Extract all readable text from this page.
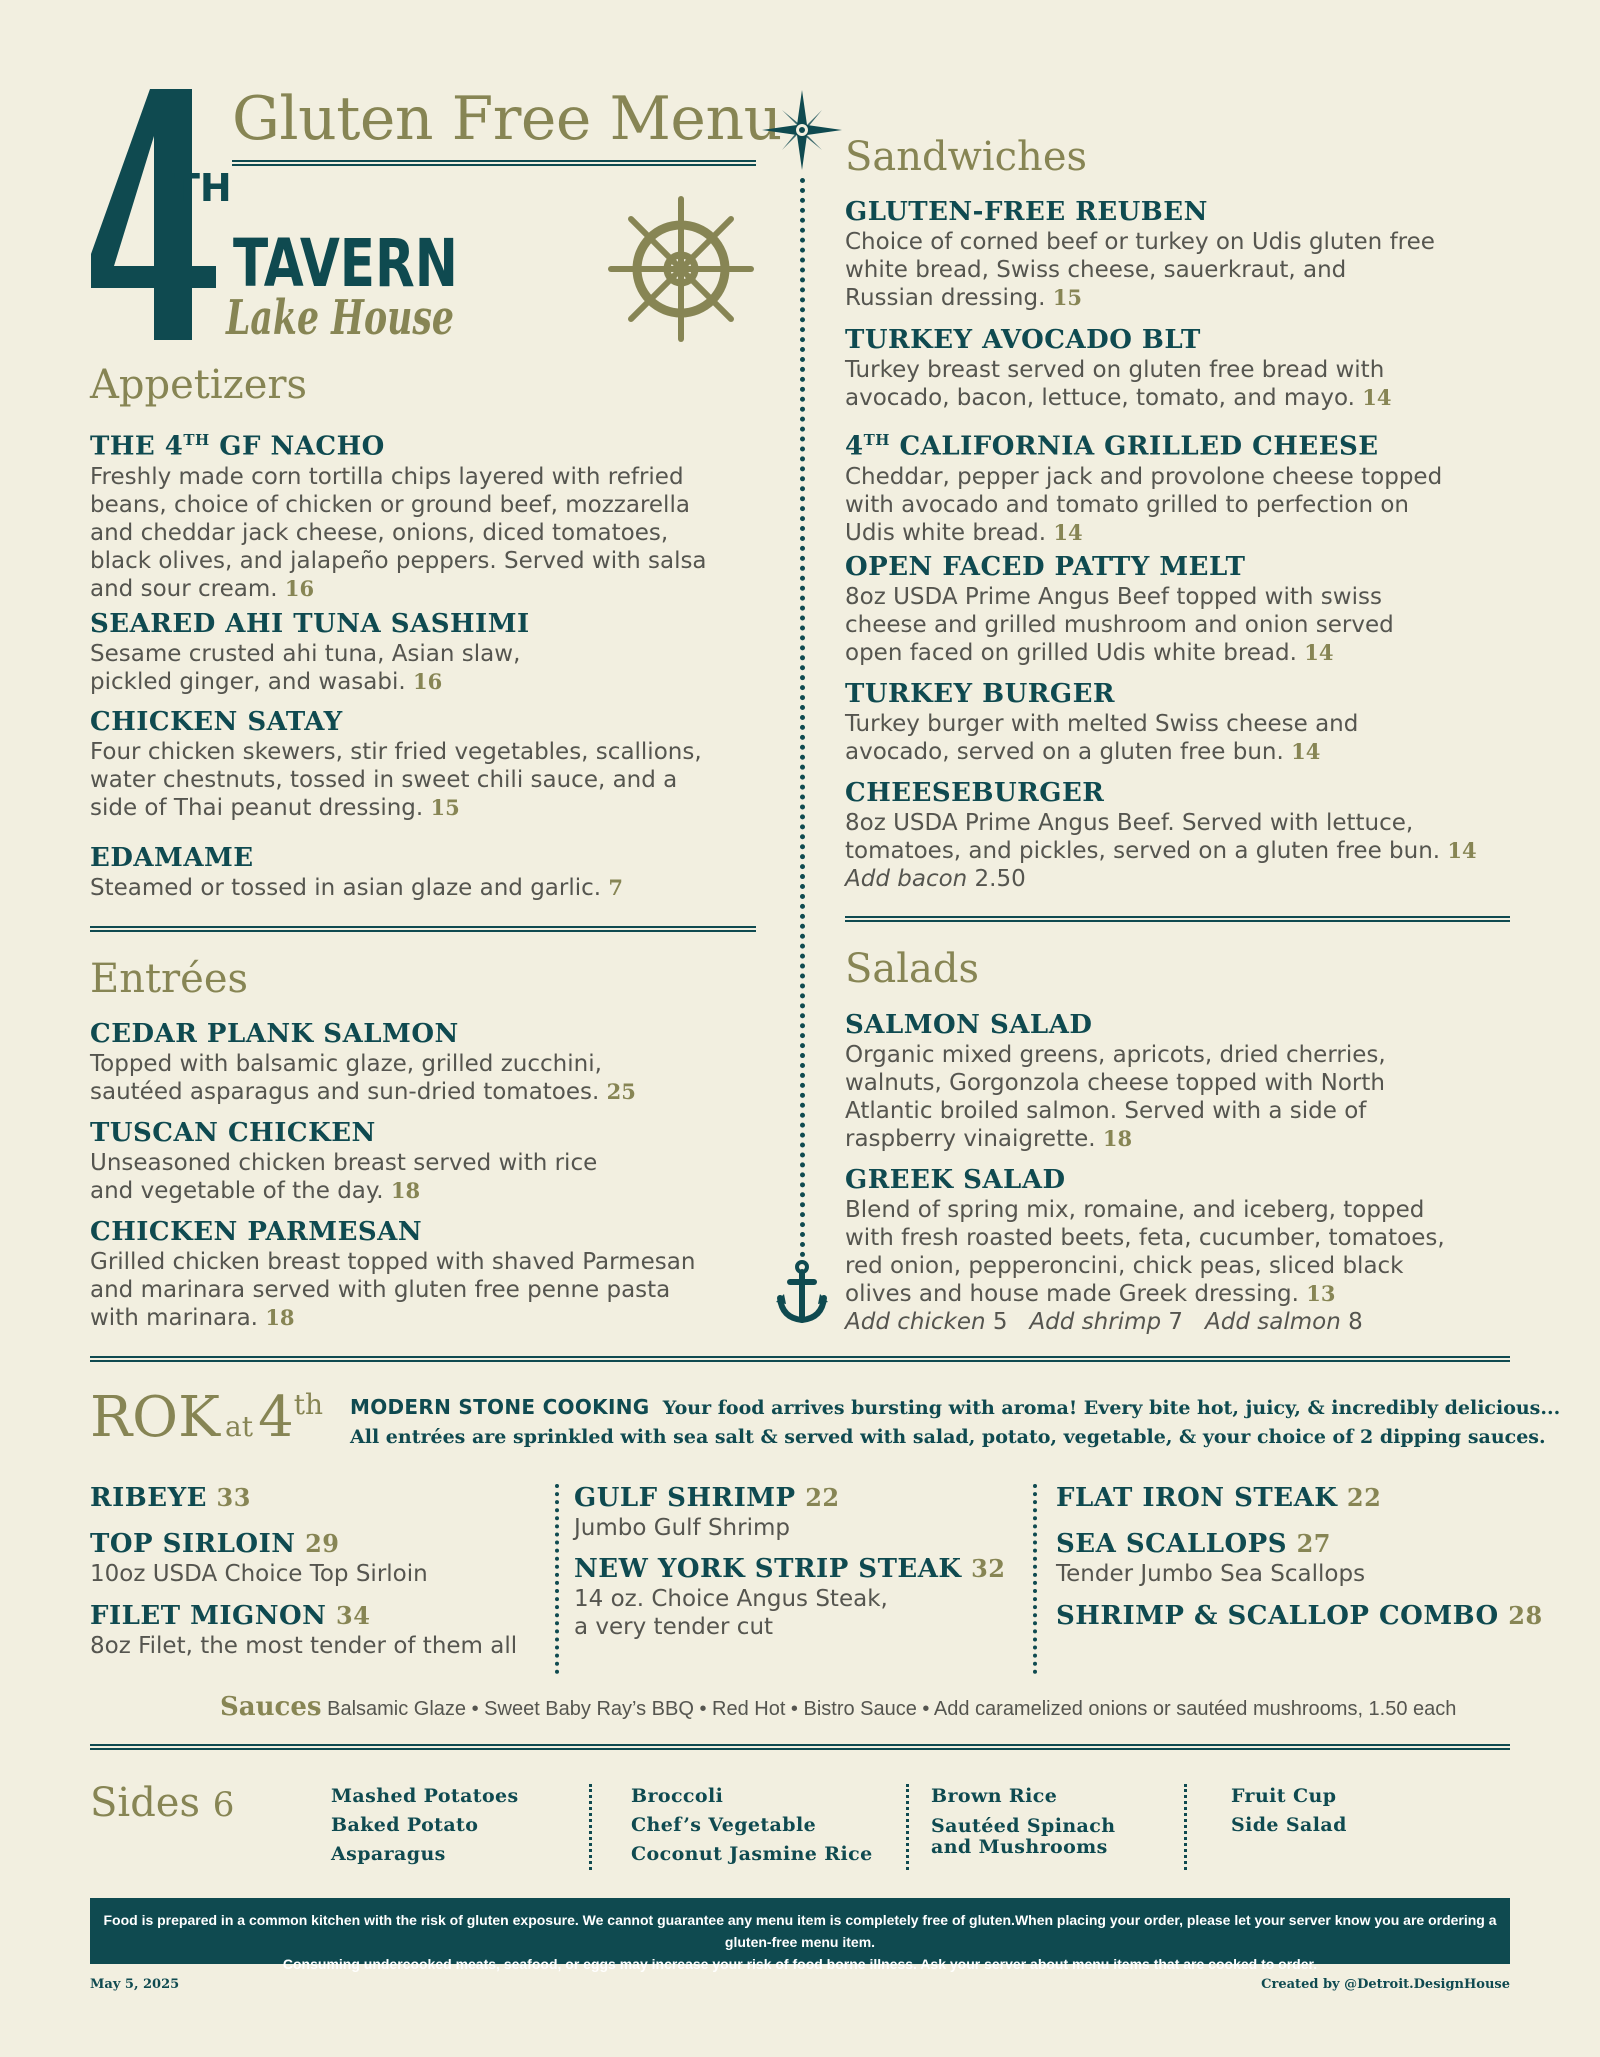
TH
TAVERN
Lake House
Gluten Free Menu
Appetizers
THE 4TH GF NACHO
Freshly made corn tortilla chips layered with refried
beans, choice of chicken or ground beef, mozzarella
and cheddar jack cheese, onions, diced tomatoes,
black olives, and jalapeño peppers. Served with salsa
and sour cream. 16
SEARED AHI TUNA SASHIMI
Sesame crusted ahi tuna, Asian slaw,
pickled ginger, and wasabi. 16
CHICKEN SATAY
Four chicken skewers, stir fried vegetables, scallions,
water chestnuts, tossed in sweet chili sauce, and a
side of Thai peanut dressing. 15
EDAMAME
Steamed or tossed in asian glaze and garlic. 7
Entrées
CEDAR PLANK SALMON
Topped with balsamic glaze, grilled zucchini,
sautéed asparagus and sun-dried tomatoes. 25
TUSCAN CHICKEN
Unseasoned chicken breast served with rice
and vegetable of the day. 18
CHICKEN PARMESAN
Grilled chicken breast topped with shaved Parmesan
and marinara served with gluten free penne pasta
with marinara. 18
Sandwiches
GLUTEN-FREE REUBEN
Choice of corned beef or turkey on Udis gluten free
white bread, Swiss cheese, sauerkraut, and
Russian dressing. 15
TURKEY AVOCADO BLT
Turkey breast served on gluten free bread with
avocado, bacon, lettuce, tomato, and mayo. 14
4TH CALIFORNIA GRILLED CHEESE
Cheddar, pepper jack and provolone cheese topped
with avocado and tomato grilled to perfection on
Udis white bread. 14
OPEN FACED PATTY MELT
8oz USDA Prime Angus Beef topped with swiss
cheese and grilled mushroom and onion served
open faced on grilled Udis white bread. 14
TURKEY BURGER
Turkey burger with melted Swiss cheese and
avocado, served on a gluten free bun. 14
CHEESEBURGER
8oz USDA Prime Angus Beef. Served with lettuce,
tomatoes, and pickles, served on a gluten free bun. 14
Add bacon 2.50
Salads
SALMON SALAD
Organic mixed greens, apricots, dried cherries,
walnuts, Gorgonzola cheese topped with North
Atlantic broiled salmon. Served with a side of
raspberry vinaigrette. 18
GREEK SALAD
Blend of spring mix, romaine, and iceberg, topped
with fresh roasted beets, feta, cucumber, tomatoes,
red onion, pepperoncini, chick peas, sliced black
olives and house made Greek dressing. 13
Add chicken 5 Add shrimp 7 Add salmon 8
ROK at 4th MODERN STONE COOKING Your food arrives bursting with aroma! Every bite hot, juicy, & incredibly delicious...
All entrées are sprinkled with sea salt & served with salad, potato, vegetable, & your choice of 2 dipping sauces.
RIBEYE 33
TOP SIRLOIN 29
10oz USDA Choice Top Sirloin
FILET MIGNON 34
8oz Filet, the most tender of them all
GULF SHRIMP 22
Jumbo Gulf Shrimp
NEW YORK STRIP STEAK 32
14 oz. Choice Angus Steak,
a very tender cut
FLAT IRON STEAK 22
SEA SCALLOPS 27
Tender Jumbo Sea Scallops
SHRIMP & SCALLOP COMBO 28
Sauces Balsamic Glaze • Sweet Baby Ray’s BBQ • Red Hot • Bistro Sauce • Add caramelized onions or sautéed mushrooms, 1.50 each
Sides 6	Mashed Potatoes
Baked Potato
Asparagus
Broccoli
Chef’s Vegetable
Coconut Jasmine Rice
Brown Rice
Sautéed Spinach
and Mushrooms
Fruit Cup
Side Salad
Food is prepared in a common kitchen with the risk of gluten exposure. We cannot guarantee any menu item is completely free of gluten.When placing your order, please let your server know you are ordering a gluten-free menu item.
Consuming undercooked meats, seafood, or eggs may increase your risk of food borne illness. Ask your server about menu items that are cooked to order.
May 5, 2025	Created by @Detroit.DesignHouse
